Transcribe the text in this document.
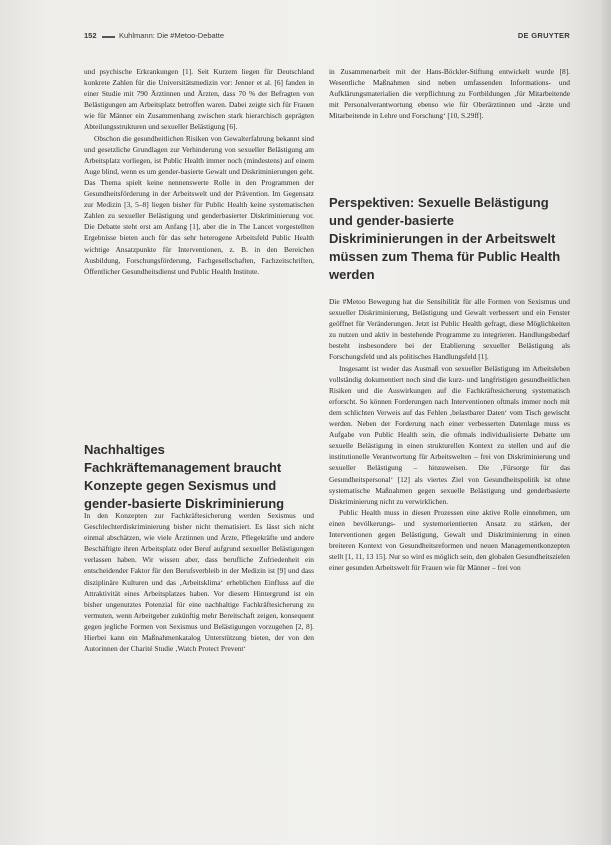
152	Kuhlmann: Die #Metoo-Debatte	DE GRUYTER

und psychische Erkrankungen [1]. Seit Kurzem liegen für Deutschland konkrete Zahlen für die Universitätsmedizin vor: Jenner et al. [6] fanden in einer Studie mit 790 Ärztinnen und Ärzten, dass 70 % der Befragten von Belästigungen am Arbeitsplatz betroffen waren. Dabei zeigte sich für Frauen wie für Männer ein Zusammenhang zwischen stark hierarchisch geprägten Abteilungsstrukturen und sexueller Belästigung [6].

Obschon die gesundheitlichen Risiken von Gewalterfahrung bekannt sind und gesetzliche Grundlagen zur Verhinderung von sexueller Belästigung am Arbeitsplatz vorliegen, ist Public Health immer noch (mindestens) auf einem Auge blind, wenn es um gender-basierte Gewalt und Diskriminierungen geht. Das Thema spielt keine nennenswerte Rolle in den Programmen der Gesundheitsförderung in der Arbeitswelt und der Prävention. Im Gegensatz zur Medizin [3, 5–8] liegen bisher für Public Health keine systematischen Zahlen zu sexueller Belästigung und genderbasierter Diskriminierung vor. Die Debatte steht erst am Anfang [1], aber die in The Lancet vorgestellten Ergebnisse bieten auch für das sehr heterogene Arbeitsfeld Public Health wichtige Ansatzpunkte für Interventionen, z. B. in den Bereichen Ausbildung, Forschungsförderung, Fachgesellschaften, Fachzeitschriften, Öffentlicher Gesundheitsdienst und Public Health Institute.

Nachhaltiges Fachkräftemanagement braucht Konzepte gegen Sexismus und gender-basierte Diskriminierung

In den Konzepten zur Fachkräftesicherung werden Sexismus und Geschlechterdiskriminierung bisher nicht thematisiert. Es lässt sich nicht einmal abschätzen, wie viele Ärztinnen und Ärzte, Pflegekräfte und andere Beschäftigte ihren Arbeitsplatz oder Beruf aufgrund sexueller Belästigungen verlassen haben. Wir wissen aber, dass berufliche Zufriedenheit ein entscheidender Faktor für den Berufsverbleib in der Medizin ist [9] und dass disziplinäre Kulturen und das ‚Arbeitsklima‘ erheblichen Einfluss auf die Attraktivität eines Arbeitsplatzes haben. Vor diesem Hintergrund ist ein bisher ungenutztes Potenzial für eine nachhaltige Fachkräftesicherung zu vermuten, wenn Arbeitgeber zukünftig mehr Bereitschaft zeigen, konsequent gegen jegliche Formen von Sexismus und Belästigungen vorzugehen [2, 8]. Hierbei kann ein Maßnahmenkatalog Unterstützung bieten, der von den Autorinnen der Charité Studie ‚Watch Protect Prevent‘

in Zusammenarbeit mit der Hans-Böckler-Stiftung entwickelt wurde [8]. Wesentliche Maßnahmen sind neben umfassenden Informations- und Aufklärungsmaterialien die verpflichtung zu Fortbildungen ‚für Mitarbeitende mit Personalverantwortung ebenso wie für Oberärztinnen und -ärzte und Mitarbeitende in Lehre und Forschung‘ [10, S.29ff].

Perspektiven: Sexuelle Belästigung und gender-basierte Diskriminierungen in der Arbeitswelt müssen zum Thema für Public Health werden

Die #Metoo Bewegung hat die Sensibilität für alle Formen von Sexismus und sexueller Diskriminierung, Belästigung und Gewalt verbessert und ein Fenster geöffnet für Veränderungen. Jetzt ist Public Health gefragt, diese Möglichkeiten zu nutzen und aktiv in bestehende Programme zu integrieren. Handlungsbedarf besteht insbesondere bei der Etablierung sexueller Belästigung als Forschungsfeld und als politisches Handlungsfeld [1].

Insgesamt ist weder das Ausmaß von sexueller Belästigung im Arbeitsleben vollständig dokumentiert noch sind die kurz- und langfristigen gesundheitlichen Risiken und die Auswirkungen auf die Fachkräftesicherung systematisch erforscht. So können Forderungen nach Interventionen oftmals immer noch mit dem schlichten Verweis auf das Fehlen ‚belastbarer Daten‘ vom Tisch gewischt werden. Neben der Forderung nach einer verbesserten Datenlage muss es Aufgabe von Public Health sein, die oftmals individualisierte Debatte um sexuelle Belästigung in einen strukturellen Kontext zu stellen und auf die institutionelle Verantwortung für Arbeitswelten – frei von Diskriminierung und sexueller Belästigung – hinzuweisen. Die ‚Fürsorge für das Gesundheitspersonal‘ [12] als viertes Ziel von Gesundheitspolitik ist ohne systematische Maßnahmen gegen sexuelle Belästigung und genderbasierte Diskriminierung nicht zu verwirklichen.

Public Health muss in diesen Prozessen eine aktive Rolle einnehmen, um einen bevölkerungs- und systemorientierten Ansatz zu stärken, der Interventionen gegen Belästigung, Gewalt und Diskriminierung in einen breiteren Kontext von Gesundheitsreformen und neuen Managementkonzepten stellt [1, 11, 13 15]. Nur so wird es möglich sein, den globalen Gesundheitszielen einer gesunden Arbeitswelt für Frauen wie für Männer – frei von
